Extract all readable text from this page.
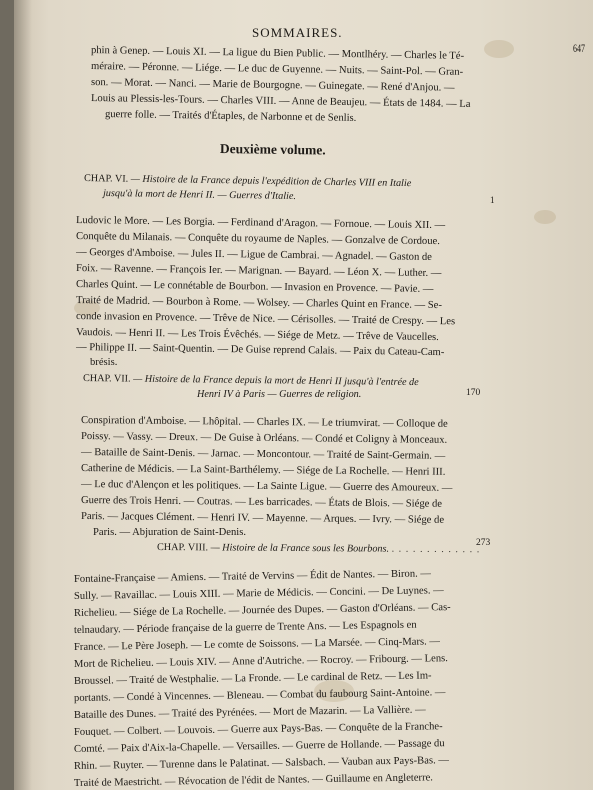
SOMMAIRES.
647
phin à Genep. — Louis XI. — La ligue du Bien Public. — Montlhéry. — Charles le Té-
méraire. — Péronne. — Liége. — Le duc de Guyenne. — Nuits. — Saint-Pol. — Gran-
son. — Morat. — Nanci. — Marie de Bourgogne. — Guinegate. — René d'Anjou. —
Louis au Plessis-les-Tours. — Charles VIII. — Anne de Beaujeu. — États de 1484. — La
guerre folle. — Traités d'Étaples, de Narbonne et de Senlis.
Deuxième volume.
CHAP. VI. — Histoire de la France depuis l'expédition de Charles VIII en Italie
jusqu'à la mort de Henri II. — Guerres d'Italie.	1
Ludovic le More. — Les Borgia. — Ferdinand d'Aragon. — Fornoue. — Louis XII. —
Conquête du Milanais. — Conquête du royaume de Naples. — Gonzalve de Cordoue.
— Georges d'Amboise. — Jules II. — Ligue de Cambrai. — Agnadel. — Gaston de
Foix. — Ravenne. — François Ier. — Marignan. — Bayard. — Léon X. — Luther. —
Charles Quint. — Le connétable de Bourbon. — Invasion en Provence. — Pavie. —
Traité de Madrid. — Bourbon à Rome. — Wolsey. — Charles Quint en France. — Se-
conde invasion en Provence. — Trêve de Nice. — Cérisolles. — Traité de Crespy. — Les
Vaudois. — Henri II. — Les Trois Évêchés. — Siége de Metz. — Trêve de Vaucelles.
— Philippe II. — Saint-Quentin. — De Guise reprend Calais. — Paix du Cateau-Cam-
brésis.
CHAP. VII. — Histoire de la France depuis la mort de Henri II jusqu'à l'entrée de
Henri IV à Paris — Guerres de religion.	170
Conspiration d'Amboise. — Lhôpital. — Charles IX. — Le triumvirat. — Colloque de
Poissy. — Vassy. — Dreux. — De Guise à Orléans. — Condé et Coligny à Monceaux.
— Bataille de Saint-Denis. — Jarnac. — Moncontour. — Traité de Saint-Germain. —
Catherine de Médicis. — La Saint-Barthélemy. — Siége de La Rochelle. — Henri III.
— Le duc d'Alençon et les politiques. — La Sainte Ligue. — Guerre des Amoureux. —
Guerre des Trois Henri. — Coutras. — Les barricades. — États de Blois. — Siége de
Paris. — Jacques Clément. — Henri IV. — Mayenne. — Arques. — Ivry. — Siége de
Paris. — Abjuration de Saint-Denis.
CHAP. VIII. — Histoire de la France sous les Bourbons. . . . . . . . . . . . . .
273
Fontaine-Française — Amiens. — Traité de Vervins — Édit de Nantes. — Biron. —
Sully. — Ravaillac. — Louis XIII. — Marie de Médicis. — Concini. — De Luynes. —
Richelieu. — Siége de La Rochelle. — Journée des Dupes. — Gaston d'Orléans. — Cas-
telnaudary. — Période française de la guerre de Trente Ans. — Les Espagnols en
France. — Le Père Joseph. — Le comte de Soissons. — La Marsée. — Cinq-Mars. —
Mort de Richelieu. — Louis XIV. — Anne d'Autriche. — Rocroy. — Fribourg. — Lens.
Broussel. — Traité de Westphalie. — La Fronde. — Le cardinal de Retz. — Les Im-
portants. — Condé à Vincennes. — Bleneau. — Combat du faubourg Saint-Antoine. —
Bataille des Dunes. — Traité des Pyrénées. — Mort de Mazarin. — La Vallière. —
Fouquet. — Colbert. — Louvois. — Guerre aux Pays-Bas. — Conquête de la Franche-
Comté. — Paix d'Aix-la-Chapelle. — Versailles. — Guerre de Hollande. — Passage du
Rhin. — Ruyter. — Turenne dans le Palatinat. — Salsbach. — Vauban aux Pays-Bas. —
Traité de Maestricht. — Révocation de l'édit de Nantes. — Guillaume en Angleterre.
